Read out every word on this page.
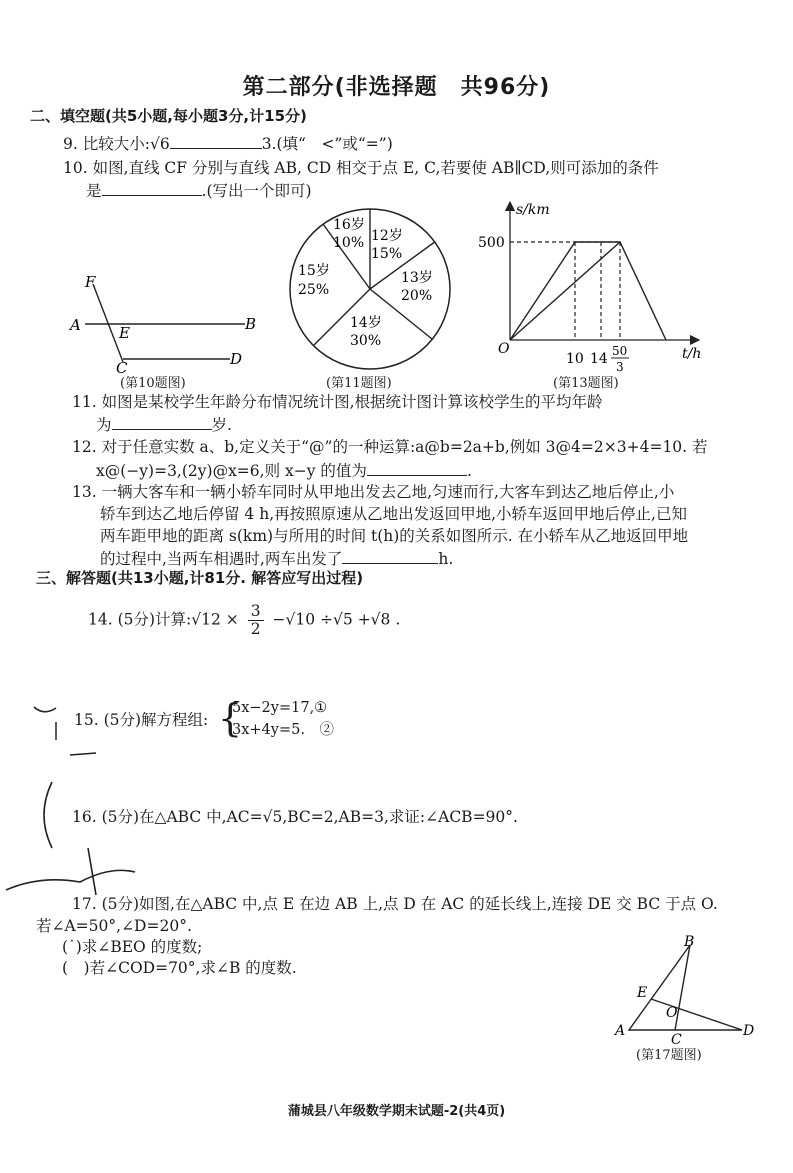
第二部分(非选择题　共96分)
二、填空题(共5小题,每小题3分,计15分)
9. 比较大小:√6	3.(填“　<”或“=”)
10. 如图,直线 CF 分别与直线 AB, CD 相交于点 E, C,若要使 AB∥CD,则可添加的条件
是	.(写出一个即可)
F
A	E	B
C	D
(第10题图)
12岁
15%
13岁
20%
14岁
30%
15岁
25%
16岁
10%
(第11题图)
s/km
500
O
10 14 50
3
t/h
(第13题图)
11. 如图是某校学生年龄分布情况统计图,根据统计图计算该校学生的平均年龄
为	岁.
12. 对于任意实数 a、b,定义关于“@”的一种运算:a@b=2a+b,例如 3@4=2×3+4=10. 若
x@(−y)=3,(2y)@x=6,则 x−y 的值为	.
13. 一辆大客车和一辆小轿车同时从甲地出发去乙地,匀速而行,大客车到达乙地后停止,小
轿车到达乙地后停留 4 h,再按照原速从乙地出发返回甲地,小轿车返回甲地后停止,已知
两车距甲地的距离 s(km)与所用的时间 t(h)的关系如图所示. 在小轿车从乙地返回甲地
的过程中,当两车相遇时,两车出发了	h.
三、解答题(共13小题,计81分. 解答应写出过程)
14. (5分)计算:√12 × $\frac{3}{2} -√10 \div√5 +√8$ .
15. (5分)解方程组: {
5x−2y=17,①
3x+4y=5.　②
16. (5分)在△ABC 中,AC=√5,BC=2,AB=3,求证:∠ACB=90°.
17. (5分)如图,在△ABC 中,点 E 在边 AB 上,点 D 在 AC 的延长线上,连接 DE 交 BC 于点 O.
若∠A=50°,∠D=20°.
(˙)求∠BEO 的度数;
(　)若∠COD=70°,求∠B 的度数.
B
E
O
A
C
D
(第17题图)
蒲城县八年级数学期末试题-2(共4页)
